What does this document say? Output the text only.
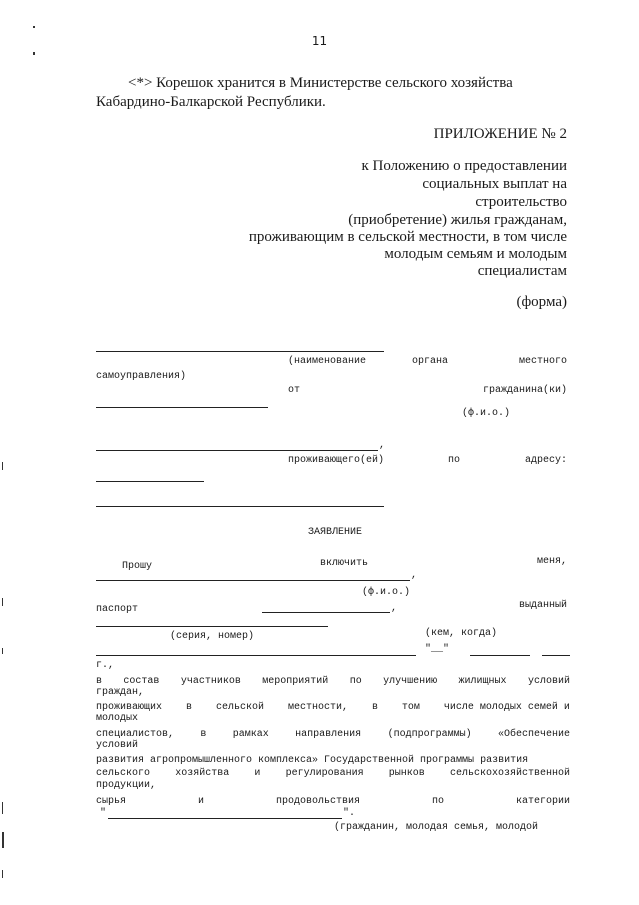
11
<*> Корешок хранится в Министерстве сельского хозяйства
Кабардино-Балкарской Республики.
ПРИЛОЖЕНИЕ № 2
к Положению о предоставлении
социальных выплат на
строительство
(приобретение) жилья гражданам,
проживающим в сельской местности, в том числе
молодым семьям и молодым
специалистам
(форма)
(наименование	органа	местного
самоуправления)
от	гражданина(ки)
(ф.и.о.)
,
проживающего(ей)	по	адресу:
ЗАЯВЛЕНИЕ
Прошу	включить	меня,
,
(ф.и.о.)
паспорт	,	выданный
(серия, номер)	(кем, когда)
"__"
г.,
в состав участников мероприятий по улучшению жилищных условий
граждан,
проживающих в сельской местности, в том числе молодых семей и
молодых
специалистов,	в	рамках	направления	(подпрограммы)	«Обеспечение
условий
развития агропромышленного комплекса» Государственной программы развития
сельского	хозяйства	и	регулирования	рынков	сельскохозяйственной
продукции,
сырья	и	продовольствия	по	категории
"	".
(гражданин, молодая семья, молодой
